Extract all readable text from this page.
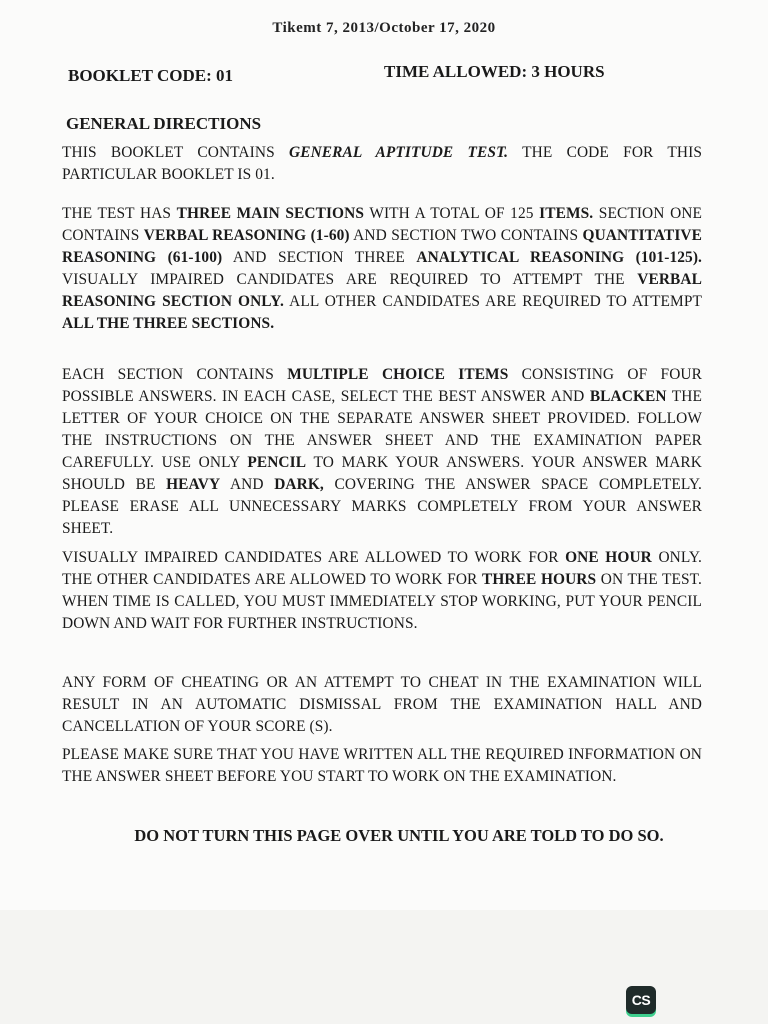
Tikemt 7, 2013/October 17, 2020
BOOKLET CODE: 01	TIME ALLOWED: 3 HOURS
GENERAL DIRECTIONS
THIS BOOKLET CONTAINS GENERAL APTITUDE TEST. THE CODE FOR THIS PARTICULAR BOOKLET IS 01.
THE TEST HAS THREE MAIN SECTIONS WITH A TOTAL OF 125 ITEMS. SECTION ONE CONTAINS VERBAL REASONING (1-60) AND SECTION TWO CONTAINS QUANTITATIVE REASONING (61-100) AND SECTION THREE ANALYTICAL REASONING (101-125). VISUALLY IMPAIRED CANDIDATES ARE REQUIRED TO ATTEMPT THE VERBAL REASONING SECTION ONLY. ALL OTHER CANDIDATES ARE REQUIRED TO ATTEMPT ALL THE THREE SECTIONS.
EACH SECTION CONTAINS MULTIPLE CHOICE ITEMS CONSISTING OF FOUR POSSIBLE ANSWERS. IN EACH CASE, SELECT THE BEST ANSWER AND BLACKEN THE LETTER OF YOUR CHOICE ON THE SEPARATE ANSWER SHEET PROVIDED. FOLLOW THE INSTRUCTIONS ON THE ANSWER SHEET AND THE EXAMINATION PAPER CAREFULLY. USE ONLY PENCIL TO MARK YOUR ANSWERS. YOUR ANSWER MARK SHOULD BE HEAVY AND DARK, COVERING THE ANSWER SPACE COMPLETELY. PLEASE ERASE ALL UNNECESSARY MARKS COMPLETELY FROM YOUR ANSWER SHEET.
VISUALLY IMPAIRED CANDIDATES ARE ALLOWED TO WORK FOR ONE HOUR ONLY. THE OTHER CANDIDATES ARE ALLOWED TO WORK FOR THREE HOURS ON THE TEST. WHEN TIME IS CALLED, YOU MUST IMMEDIATELY STOP WORKING, PUT YOUR PENCIL DOWN AND WAIT FOR FURTHER INSTRUCTIONS.
ANY FORM OF CHEATING OR AN ATTEMPT TO CHEAT IN THE EXAMINATION WILL RESULT IN AN AUTOMATIC DISMISSAL FROM THE EXAMINATION HALL AND CANCELLATION OF YOUR SCORE (S).
PLEASE MAKE SURE THAT YOU HAVE WRITTEN ALL THE REQUIRED INFORMATION ON THE ANSWER SHEET BEFORE YOU START TO WORK ON THE EXAMINATION.
DO NOT TURN THIS PAGE OVER UNTIL YOU ARE TOLD TO DO SO.
CS
